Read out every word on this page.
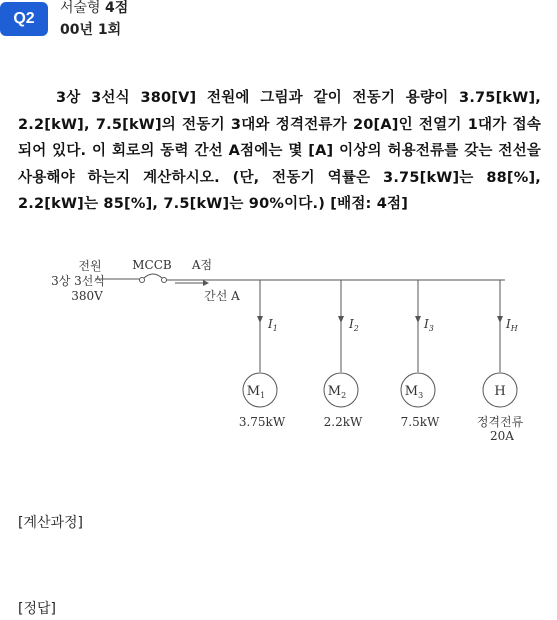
Q2
서술형 4점
00년 1회
3상 3선식 380[V] 전원에 그림과 같이 전동기 용량이 3.75[kW], 2.2[kW], 7.5[kW]의 전동기 3대와 정격전류가 20[A]인 전열기 1대가 접속되어 있다. 이 회로의 동력 간선 A점에는 몇 [A] 이상의 허용전류를 갖는 전선을 사용해야 하는지 계산하시오. (단, 전동기 역률은 3.75[kW]는 88[%], 2.2[kW]는 85[%], 7.5[kW]는 90%이다.) [배점: 4점]
전원
3상 3선식
380V
MCCB A점
간선 A
$I_1$
$M_1$
3.75kW
$I_2$
$M_2$
2.2kW
$I_3$
$M_3$
7.5kW
$I_H$
H
정격전류
20A
[계산과정]
[정답]
